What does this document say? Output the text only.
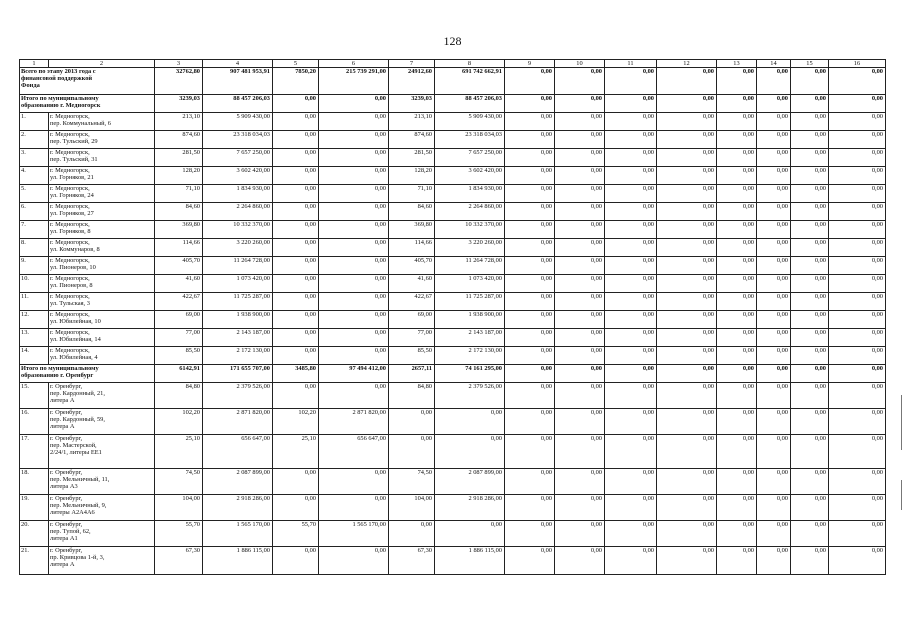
128
1	2	3	4	5	6	7	8	9	10	11	12	13	14	15	16
Всего по этапу 2013 года с
финансовой поддержкой
Фонда		32762,80	907 481 953,91	7850,20	215 739 291,00	24912,60	691 742 662,91	0,00	0,00	0,00	0,00	0,00	0,00	0,00	0,00
Итого по муниципальному
образованию г. Медногорск		3239,03	88 457 206,03	0,00	0,00	3239,03	88 457 206,03	0,00	0,00	0,00	0,00	0,00	0,00	0,00	0,00
1.	г. Медногорск,
пер. Коммунальный, 6	213,10	5 909 430,00	0,00	0,00	213,10	5 909 430,00	0,00	0,00	0,00	0,00	0,00	0,00	0,00	0,00
2.	г. Медногорск,
пер. Тульский, 29	874,60	23 318 034,03	0,00	0,00	874,60	23 318 034,03	0,00	0,00	0,00	0,00	0,00	0,00	0,00	0,00
3.	г. Медногорск,
пер. Тульский, 31	281,50	7 657 250,00	0,00	0,00	281,50	7 657 250,00	0,00	0,00	0,00	0,00	0,00	0,00	0,00	0,00
4.	г. Медногорск,
ул. Горняков, 21	128,20	3 602 420,00	0,00	0,00	128,20	3 602 420,00	0,00	0,00	0,00	0,00	0,00	0,00	0,00	0,00
5.	г. Медногорск,
ул. Горняков, 24	71,10	1 834 930,00	0,00	0,00	71,10	1 834 930,00	0,00	0,00	0,00	0,00	0,00	0,00	0,00	0,00
6.	г. Медногорск,
ул. Горняков, 27	84,60	2 264 860,00	0,00	0,00	84,60	2 264 860,00	0,00	0,00	0,00	0,00	0,00	0,00	0,00	0,00
7.	г. Медногорск,
ул. Горняков, 8	369,80	10 332 370,00	0,00	0,00	369,80	10 332 370,00	0,00	0,00	0,00	0,00	0,00	0,00	0,00	0,00
8.	г. Медногорск,
ул. Коммунаров, 8	114,66	3 220 260,00	0,00	0,00	114,66	3 220 260,00	0,00	0,00	0,00	0,00	0,00	0,00	0,00	0,00
9.	г. Медногорск,
ул. Пионеров, 10	405,70	11 264 728,00	0,00	0,00	405,70	11 264 728,00	0,00	0,00	0,00	0,00	0,00	0,00	0,00	0,00
10.	г. Медногорск,
ул. Пионеров, 8	41,60	1 073 420,00	0,00	0,00	41,60	1 073 420,00	0,00	0,00	0,00	0,00	0,00	0,00	0,00	0,00
11.	г. Медногорск,
ул. Тульская, 3	422,67	11 725 287,00	0,00	0,00	422,67	11 725 287,00	0,00	0,00	0,00	0,00	0,00	0,00	0,00	0,00
12.	г. Медногорск,
ул. Юбилейная, 10	69,00	1 938 900,00	0,00	0,00	69,00	1 938 900,00	0,00	0,00	0,00	0,00	0,00	0,00	0,00	0,00
13.	г. Медногорск,
ул. Юбилейная, 14	77,00	2 143 187,00	0,00	0,00	77,00	2 143 187,00	0,00	0,00	0,00	0,00	0,00	0,00	0,00	0,00
14.	г. Медногорск,
ул. Юбилейная, 4	85,50	2 172 130,00	0,00	0,00	85,50	2 172 130,00	0,00	0,00	0,00	0,00	0,00	0,00	0,00	0,00
Итого по муниципальному
образованию г. Оренбург		6142,91	171 655 707,00	3485,80	97 494 412,00	2657,11	74 161 295,00	0,00	0,00	0,00	0,00	0,00	0,00	0,00	0,00
15.	г. Оренбург,
пер. Кардонный, 21,
литера А	84,80	2 379 526,00	0,00	0,00	84,80	2 379 526,00	0,00	0,00	0,00	0,00	0,00	0,00	0,00	0,00
16.	г. Оренбург,
пер. Кардонный, 59,
литера А	102,20	2 871 820,00	102,20	2 871 820,00	0,00	0,00	0,00	0,00	0,00	0,00	0,00	0,00	0,00	0,00
17.	г. Оренбург,
пер. Мастерской,
2/24/1, литеры ЕЕ1	25,10	656 647,00	25,10	656 647,00	0,00	0,00	0,00	0,00	0,00	0,00	0,00	0,00	0,00	0,00
18.	г. Оренбург,
пер. Мельничный, 11,
литера А3	74,50	2 087 899,00	0,00	0,00	74,50	2 087 899,00	0,00	0,00	0,00	0,00	0,00	0,00	0,00	0,00
19.	г. Оренбург,
пер. Мельничный, 9,
литеры А2А4А6	104,00	2 918 286,00	0,00	0,00	104,00	2 918 286,00	0,00	0,00	0,00	0,00	0,00	0,00	0,00	0,00
20.	г. Оренбург,
пер. Тупой, 62,
литера А1	55,70	1 565 170,00	55,70	1 565 170,00	0,00	0,00	0,00	0,00	0,00	0,00	0,00	0,00	0,00	0,00
21.	г. Оренбург,
пр. Кривцова 1-й, 3,
литера А	67,30	1 886 115,00	0,00	0,00	67,30	1 886 115,00	0,00	0,00	0,00	0,00	0,00	0,00	0,00	0,00
